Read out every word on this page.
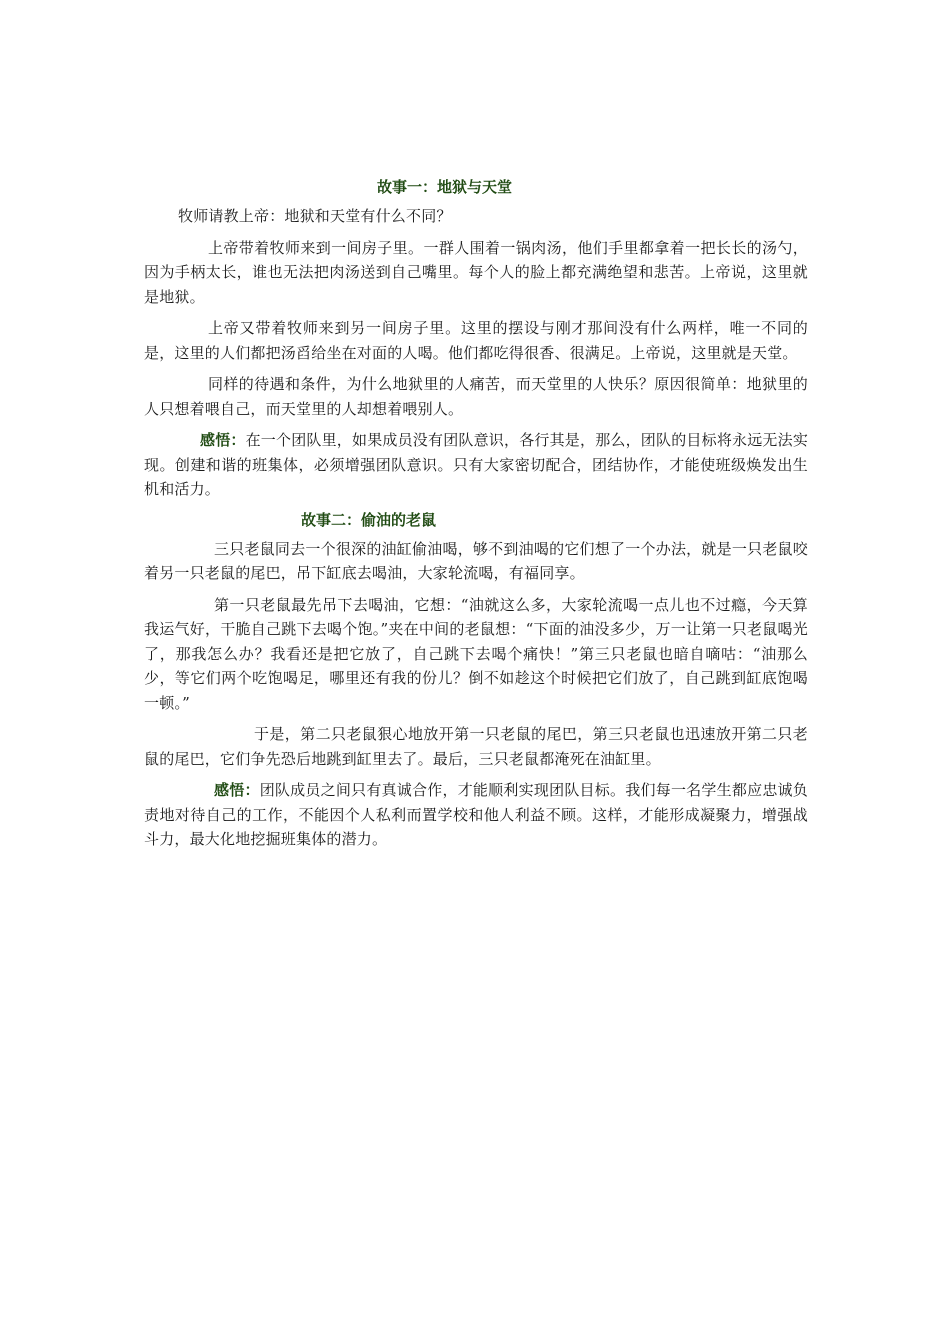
故事一：地狱与天堂

牧师请教上帝：地狱和天堂有什么不同？

上帝带着牧师来到一间房子里。一群人围着一锅肉汤，他们手里都拿着一把长长的汤勺，因为手柄太长，谁也无法把肉汤送到自己嘴里。每个人的脸上都充满绝望和悲苦。上帝说，这里就是地狱。

上帝又带着牧师来到另一间房子里。这里的摆设与刚才那间没有什么两样，唯一不同的是，这里的人们都把汤舀给坐在对面的人喝。他们都吃得很香、很满足。上帝说，这里就是天堂。

同样的待遇和条件，为什么地狱里的人痛苦，而天堂里的人快乐？原因很简单：地狱里的人只想着喂自己，而天堂里的人却想着喂别人。

感悟：在一个团队里，如果成员没有团队意识，各行其是，那么，团队的目标将永远无法实现。创建和谐的班集体，必须增强团队意识。只有大家密切配合，团结协作，才能使班级焕发出生机和活力。

故事二：偷油的老鼠

三只老鼠同去一个很深的油缸偷油喝，够不到油喝的它们想了一个办法，就是一只老鼠咬着另一只老鼠的尾巴，吊下缸底去喝油，大家轮流喝，有福同享。

第一只老鼠最先吊下去喝油，它想：“油就这么多，大家轮流喝一点儿也不过瘾，今天算我运气好，干脆自己跳下去喝个饱。”夹在中间的老鼠想：“下面的油没多少，万一让第一只老鼠喝光了，那我怎么办？我看还是把它放了，自己跳下去喝个痛快！”第三只老鼠也暗自嘀咕：“油那么少，等它们两个吃饱喝足，哪里还有我的份儿？倒不如趁这个时候把它们放了，自己跳到缸底饱喝一顿。”

于是，第二只老鼠狠心地放开第一只老鼠的尾巴，第三只老鼠也迅速放开第二只老鼠的尾巴，它们争先恐后地跳到缸里去了。最后，三只老鼠都淹死在油缸里。

感悟：团队成员之间只有真诚合作，才能顺利实现团队目标。我们每一名学生都应忠诚负责地对待自己的工作，不能因个人私利而置学校和他人利益不顾。这样，才能形成凝聚力，增强战斗力，最大化地挖掘班集体的潜力。
